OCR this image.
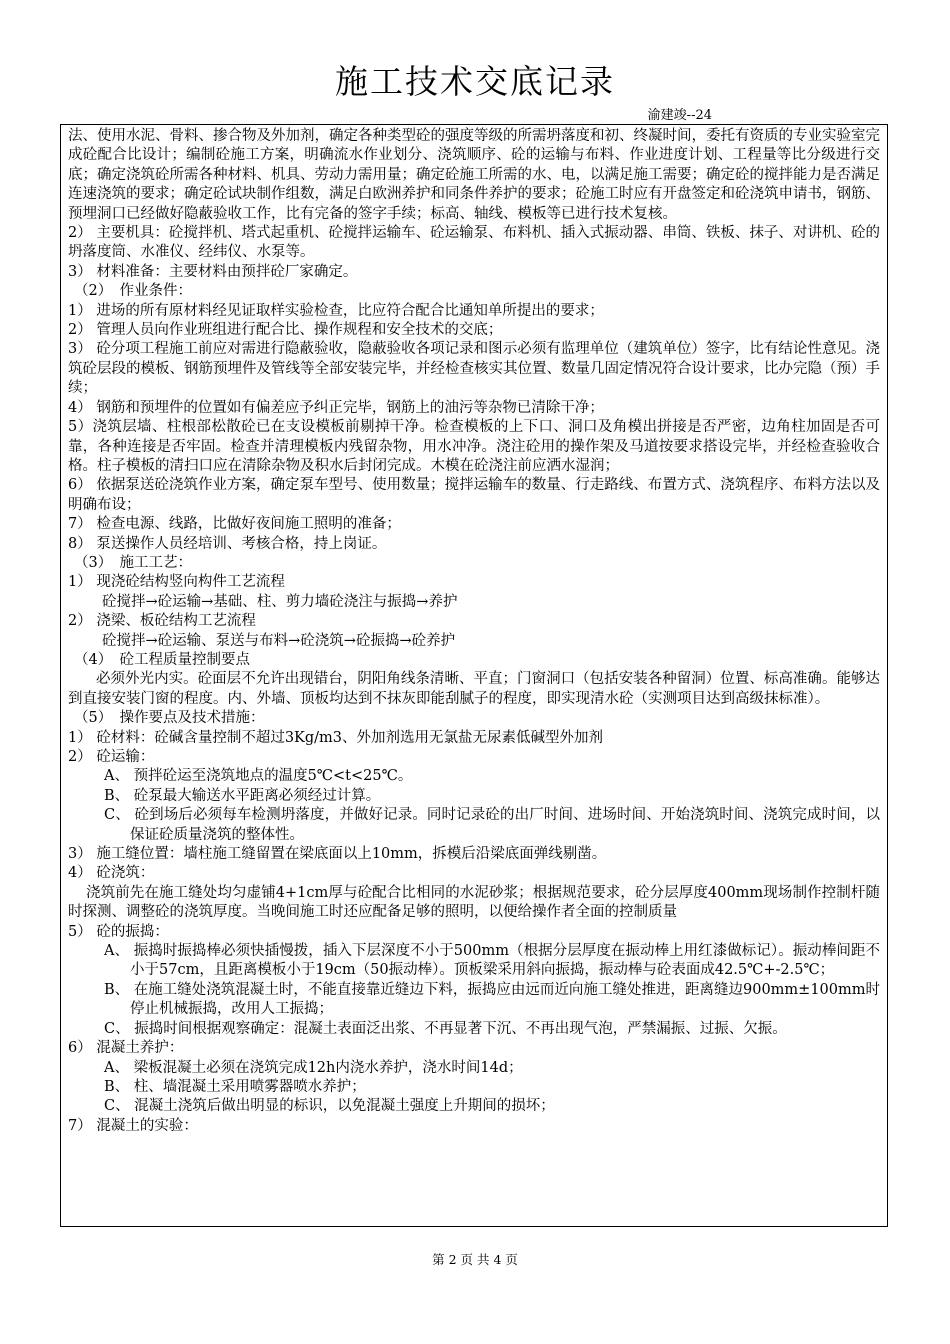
施工技术交底记录
渝建竣--24

法、使用水泥、骨料、掺合物及外加剂，确定各种类型砼的强度等级的所需坍落度和初、终凝时间，委托有资质的专业实验室完成砼配合比设计；编制砼施工方案，明确流水作业划分、浇筑顺序、砼的运输与布料、作业进度计划、工程量等比分级进行交底；确定浇筑砼所需各种材料、机具、劳动力需用量；确定砼施工所需的水、电，以满足施工需要；确定砼的搅拌能力是否满足连速浇筑的要求；确定砼试块制作组数，满足白欧洲养护和同条件养护的要求；砼施工时应有开盘签定和砼浇筑申请书，钢筋、预埋洞口已经做好隐蔽验收工作，比有完备的签字手续；标高、轴线、模板等已进行技术复核。

2） 主要机具：砼搅拌机、塔式起重机、砼搅拌运输车、砼运输泵、布料机、插入式振动器、串筒、铁板、抹子、对讲机、砼的坍落度筒、水准仪、经纬仪、水泵等。

3） 材料准备：主要材料由预拌砼厂家确定。

（2）　作业条件：

1） 进场的所有原材料经见证取样实验检查，比应符合配合比通知单所提出的要求；

2） 管理人员向作业班组进行配合比、操作规程和安全技术的交底；

3） 砼分项工程施工前应对需进行隐蔽验收，隐蔽验收各项记录和图示必须有监理单位（建筑单位）签字，比有结论性意见。浇筑砼层段的模板、钢筋预埋件及管线等全部安装完毕，并经检查核实其位置、数量几固定情况符合设计要求，比办完隐（预）手续；

4） 钢筋和预埋件的位置如有偏差应予纠正完毕，钢筋上的油污等杂物已清除干净；

5）浇筑层墙、柱根部松散砼已在支设模板前剔掉干净。检查模板的上下口、洞口及角模出拼接是否严密，边角柱加固是否可靠，各种连接是否牢固。检查并清理模板内残留杂物，用水冲净。浇注砼用的操作架及马道按要求搭设完毕，并经检查验收合格。柱子模板的清扫口应在清除杂物及积水后封闭完成。木模在砼浇注前应洒水湿润；

6） 依据泵送砼浇筑作业方案，确定泵车型号、使用数量；搅拌运输车的数量、行走路线、布置方式、浇筑程序、布料方法以及明确布设；

7） 检查电源、线路，比做好夜间施工照明的准备；

8） 泵送操作人员经培训、考核合格，持上岗证。

（3）　施工工艺：

1） 现浇砼结构竖向构件工艺流程

砼搅拌→砼运输→基础、柱、剪力墙砼浇注与振捣→养护

2） 浇梁、板砼结构工艺流程

砼搅拌→砼运输、泵送与布料→砼浇筑→砼振捣→砼养护

（4）　砼工程质量控制要点

必须外光内实。砼面层不允许出现错台，阴阳角线条清晰、平直；门窗洞口（包括安装各种留洞）位置、标高准确。能够达到直接安装门窗的程度。内、外墙、顶板均达到不抹灰即能刮腻子的程度，即实现清水砼（实测项目达到高级抹标准）。

（5）　操作要点及技术措施：

1） 砼材料：砼碱含量控制不超过3Kg/m3、外加剂选用无氯盐无尿素低碱型外加剂

2） 砼运输：

A、 预拌砼运至浇筑地点的温度5℃<t<25℃。

B、 砼泵最大输送水平距离必须经过计算。

C、 砼到场后必须每车检测坍落度，并做好记录。同时记录砼的出厂时间、进场时间、开始浇筑时间、浇筑完成时间，以保证砼质量浇筑的整体性。

3） 施工缝位置：墙柱施工缝留置在梁底面以上10mm，拆模后沿梁底面弹线剔凿。

4） 砼浇筑：

浇筑前先在施工缝处均匀虚铺4+1cm厚与砼配合比相同的水泥砂浆；根据规范要求，砼分层厚度400mm现场制作控制杆随时探测、调整砼的浇筑厚度。当晚间施工时还应配备足够的照明，以便给操作者全面的控制质量

5） 砼的振捣：

A、 振捣时振捣棒必须快插慢拨，插入下层深度不小于500mm（根据分层厚度在振动棒上用红漆做标记）。振动棒间距不小于57cm，且距离模板小于19cm（50振动棒）。顶板梁采用斜向振捣，振动棒与砼表面成42.5℃+-2.5℃；

B、 在施工缝处浇筑混凝土时，不能直接靠近缝边下料，振捣应由远而近向施工缝处推进，距离缝边900mm±100mm时停止机械振捣，改用人工振捣；

C、 振捣时间根据观察确定：混凝土表面泛出浆、不再显著下沉、不再出现气泡，严禁漏振、过振、欠振。

6） 混凝土养护：

A、 梁板混凝土必须在浇筑完成12h内浇水养护，浇水时间14d；

B、 柱、墙混凝土采用喷雾器喷水养护；

C、 混凝土浇筑后做出明显的标识，以免混凝土强度上升期间的损坏；

7） 混凝土的实验：

第 2 页 共 4 页
